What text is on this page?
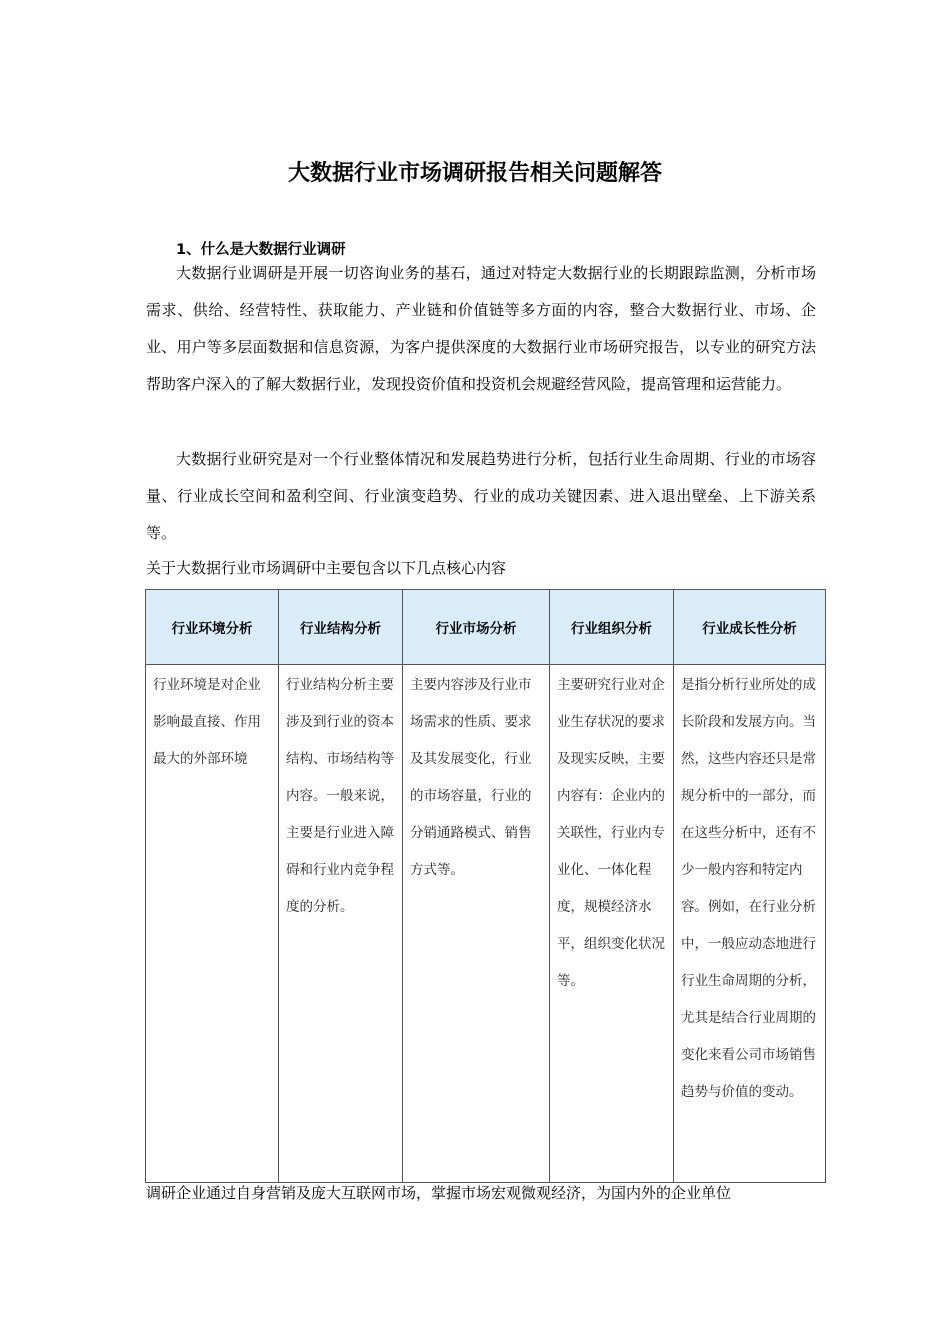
大数据行业市场调研报告相关问题解答
1、什么是大数据行业调研

大数据行业调研是开展一切咨询业务的基石，通过对特定大数据行业的长期跟踪监测，分析市场需求、供给、经营特性、获取能力、产业链和价值链等多方面的内容，整合大数据行业、市场、企业、用户等多层面数据和信息资源，为客户提供深度的大数据行业市场研究报告，以专业的研究方法帮助客户深入的了解大数据行业，发现投资价值和投资机会规避经营风险，提高管理和运营能力。

大数据行业研究是对一个行业整体情况和发展趋势进行分析，包括行业生命周期、行业的市场容量、行业成长空间和盈利空间、行业演变趋势、行业的成功关键因素、进入退出壁垒、上下游关系等。

关于大数据行业市场调研中主要包含以下几点核心内容

行业环境分析	行业结构分析	行业市场分析	行业组织分析	行业成长性分析
行业环境是对企业影响最直接、作用最大的外部环境	行业结构分析主要涉及到行业的资本结构、市场结构等内容。一般来说，主要是行业进入障碍和行业内竞争程度的分析。	主要内容涉及行业市场需求的性质、要求及其发展变化，行业的市场容量，行业的分销通路模式、销售方式等。	主要研究行业对企业生存状况的要求及现实反映，主要内容有：企业内的关联性，行业内专业化、一体化程度，规模经济水平，组织变化状况等。	是指分析行业所处的成长阶段和发展方向。当然，这些内容还只是常规分析中的一部分，而在这些分析中，还有不少一般内容和特定内容。例如，在行业分析中，一般应动态地进行行业生命周期的分析，尤其是结合行业周期的变化来看公司市场销售趋势与价值的变动。

调研企业通过自身营销及庞大互联网市场，掌握市场宏观微观经济，为国内外的企业单位
